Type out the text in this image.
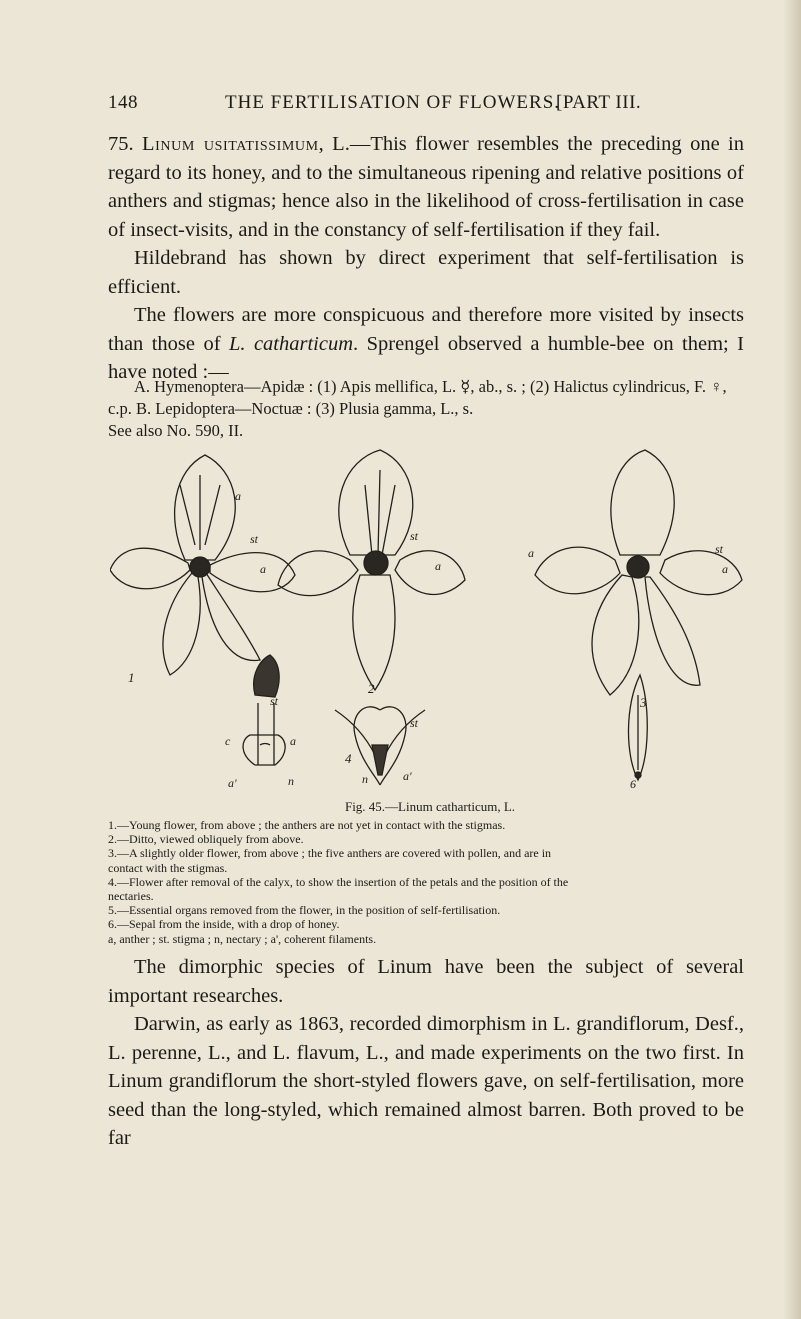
148	THE FERTILISATION OF FLOWERS.
[PART III.

75. Linum usitatissimum, L.—This flower resembles the preceding one in regard to its honey, and to the simultaneous ripening and relative positions of anthers and stigmas; hence also in the likelihood of cross-fertilisation in case of insect-visits, and in the constancy of self-fertilisation if they fail.

Hildebrand has shown by direct experiment that self-fertilisation is efficient.

The flowers are more conspicuous and therefore more visited by insects than those of L. catharticum. Sprengel observed a humble-bee on them; I have noted :—

A. Hymenoptera—Apidæ : (1) Apis mellifica, L. ☿, ab., s. ; (2) Halictus cylindricus, F. ♀, c.p. B. Lepidoptera—Noctuæ : (3) Plusia gamma, L., s.

See also No. 590, II.

a
st
a
1
st
a
2
a	st
a
3
st
c	a
a'	n
st
4
n	a'
6
Fig. 45.—Linum catharticum, L.
1.—Young flower, from above ; the anthers are not yet in contact with the stigmas.
2.—Ditto, viewed obliquely from above.
3.—A slightly older flower, from above ; the five anthers are covered with pollen, and are in
contact with the stigmas.
4.—Flower after removal of the calyx, to show the insertion of the petals and the position of the
nectaries.
5.—Essential organs removed from the flower, in the position of self-fertilisation.
6.—Sepal from the inside, with a drop of honey.
a, anther ; st. stigma ; n, nectary ; a', coherent filaments.

The dimorphic species of Linum have been the subject of several important researches.

Darwin, as early as 1863, recorded dimorphism in L. grandiflorum, Desf., L. perenne, L., and L. flavum, L., and made experiments on the two first. In Linum grandiflorum the short-styled flowers gave, on self-fertilisation, more seed than the long-styled, which remained almost barren. Both proved to be far
